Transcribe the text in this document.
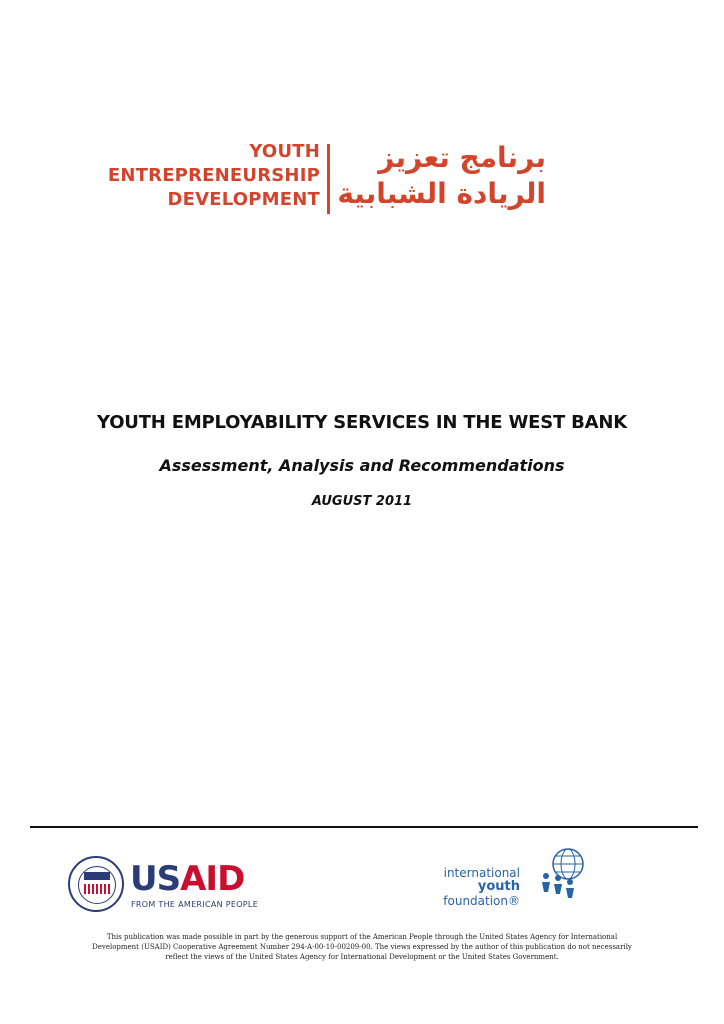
YOUTH
ENTREPRENEURSHIP
DEVELOPMENT
برنامج تعزيز
الريادة الشبابية
YOUTH EMPLOYABILITY SERVICES IN THE WEST BANK
Assessment, Analysis and Recommendations
AUGUST 2011
USAID
FROM THE AMERICAN PEOPLE
international
youth
foundation®
This publication was made possible in part by the generous support of the American People through the United States Agency for International Development (USAID) Cooperative Agreement Number 294-A-00-10-00209-00. The views expressed by the author of this publication do not necessarily reflect the views of the United States Agency for International Development or the United States Government.
